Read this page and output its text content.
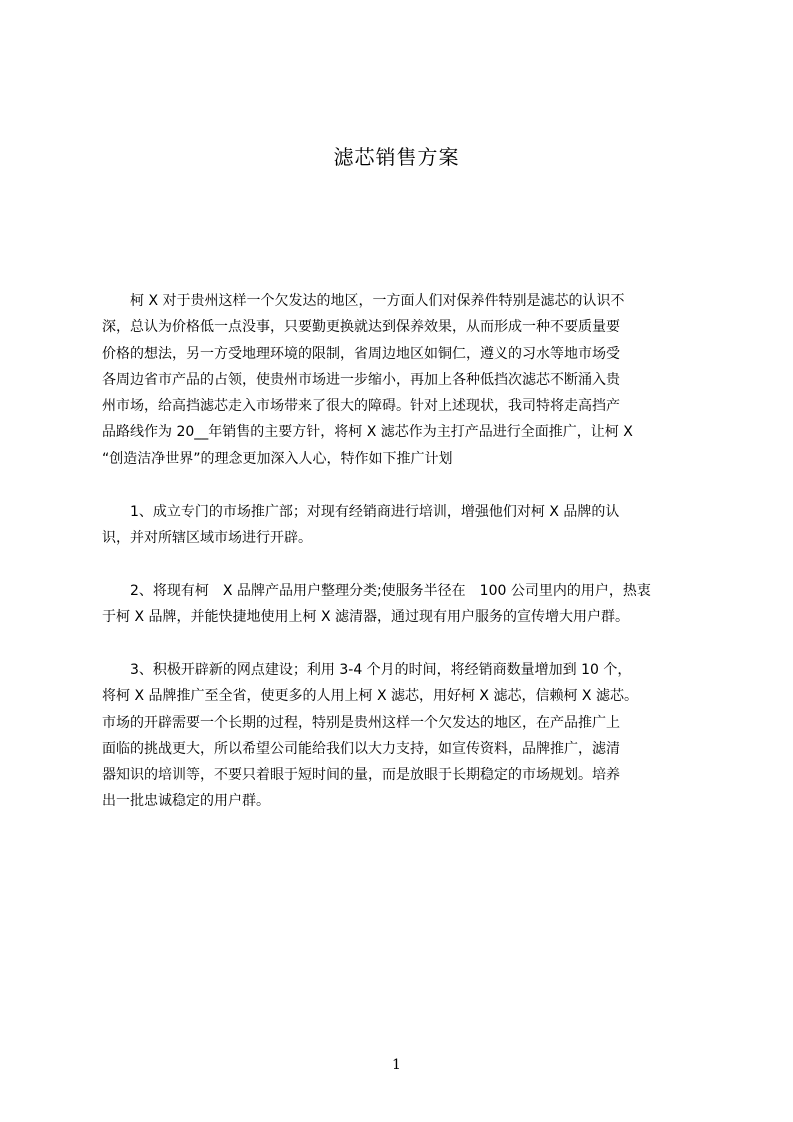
滤芯销售方案
　　柯 X 对于贵州这样一个欠发达的地区，一方面人们对保养件特别是滤芯的认识不
深，总认为价格低一点没事，只要勤更换就达到保养效果，从而形成一种不要质量要
价格的想法，另一方受地理环境的限制，省周边地区如铜仁，遵义的习水等地市场受
各周边省市产品的占领，使贵州市场进一步缩小，再加上各种低挡次滤芯不断涌入贵
州市场，给高挡滤芯走入市场带来了很大的障碍。针对上述现状，我司特将走高挡产
品路线作为 20__年销售的主要方针，将柯 X 滤芯作为主打产品进行全面推广，让柯 X
“创造洁净世界”的理念更加深入人心，特作如下推广计划
　　1、成立专门的市场推广部；对现有经销商进行培训，增强他们对柯 X 品牌的认
识，并对所辖区域市场进行开辟。
　　2、将现有柯　X 品牌产品用户整理分类;使服务半径在　100 公司里内的用户，热衷
于柯 X 品牌，并能快捷地使用上柯 X 滤清器，通过现有用户服务的宣传增大用户群。
　　3、积极开辟新的网点建设；利用 3-4 个月的时间，将经销商数量增加到 10 个，
将柯 X 品牌推广至全省，使更多的人用上柯 X 滤芯，用好柯 X 滤芯，信赖柯 X 滤芯。
市场的开辟需要一个长期的过程，特别是贵州这样一个欠发达的地区，在产品推广上
面临的挑战更大，所以希望公司能给我们以大力支持，如宣传资料，品牌推广，滤清
器知识的培训等，不要只着眼于短时间的量，而是放眼于长期稳定的市场规划。培养
出一批忠诚稳定的用户群。
1
